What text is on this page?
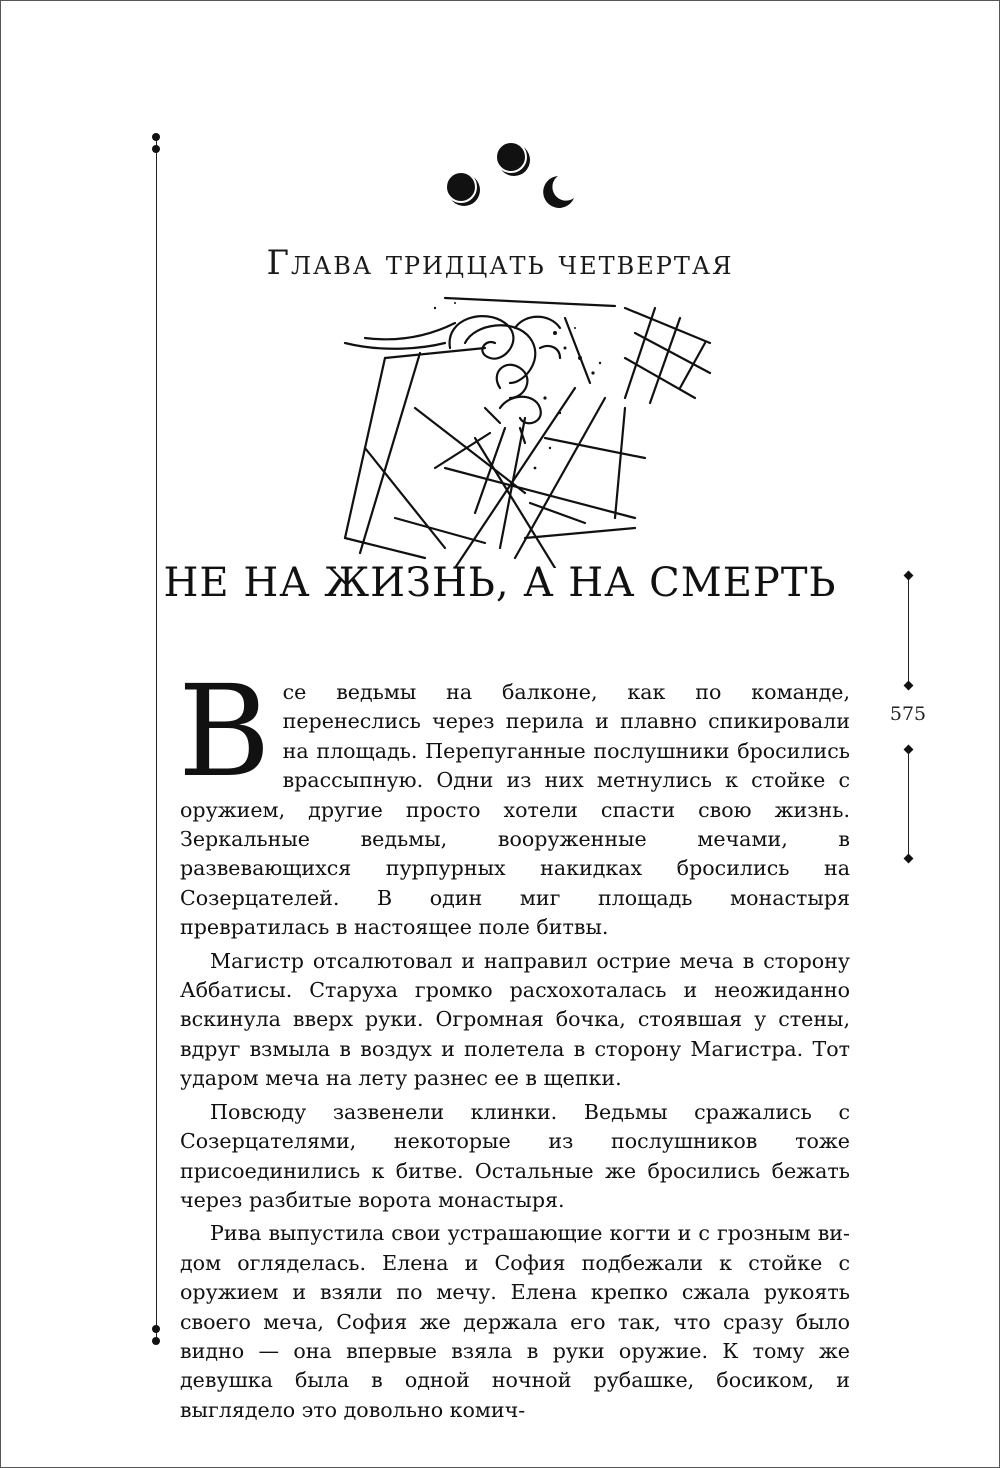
Глава тридцать четвертая
НЕ НА ЖИЗНЬ, А НА СМЕРТЬ
575

Все ведьмы на балконе, как по команде, перенеслись через перила и плавно спикировали на площадь. Перепуганные послушники бросились врассыпную. Одни из них метнулись к стойке с оружием, другие просто хотели спасти свою жизнь. Зеркальные ведьмы, вооруженные мечами, в развевающихся пурпурных накидках бросились на Созерцателей. В один миг площадь монастыря превратилась в настоящее поле битвы.

Магистр отсалютовал и направил острие меча в сторону Аббатисы. Старуха громко расхохоталась и неожиданно вскинула вверх руки. Огромная бочка, стоявшая у стены, вдруг взмыла в воздух и полетела в сторону Магистра. Тот ударом меча на лету разнес ее в щепки.

Повсюду зазвенели клинки. Ведьмы сражались с Созерцателями, некоторые из послушников тоже присоединились к битве. Остальные же бросились бежать через разбитые ворота монастыря.

Рива выпустила свои устрашающие когти и с грозным видом огляделась. Елена и София подбежали к стойке с оружием и взяли по мечу. Елена крепко сжала рукоять своего меча, София же держала его так, что сразу было видно — она впервые взяла в руки оружие. К тому же девушка была в одной ночной рубашке, босиком, и выглядело это довольно комич-
